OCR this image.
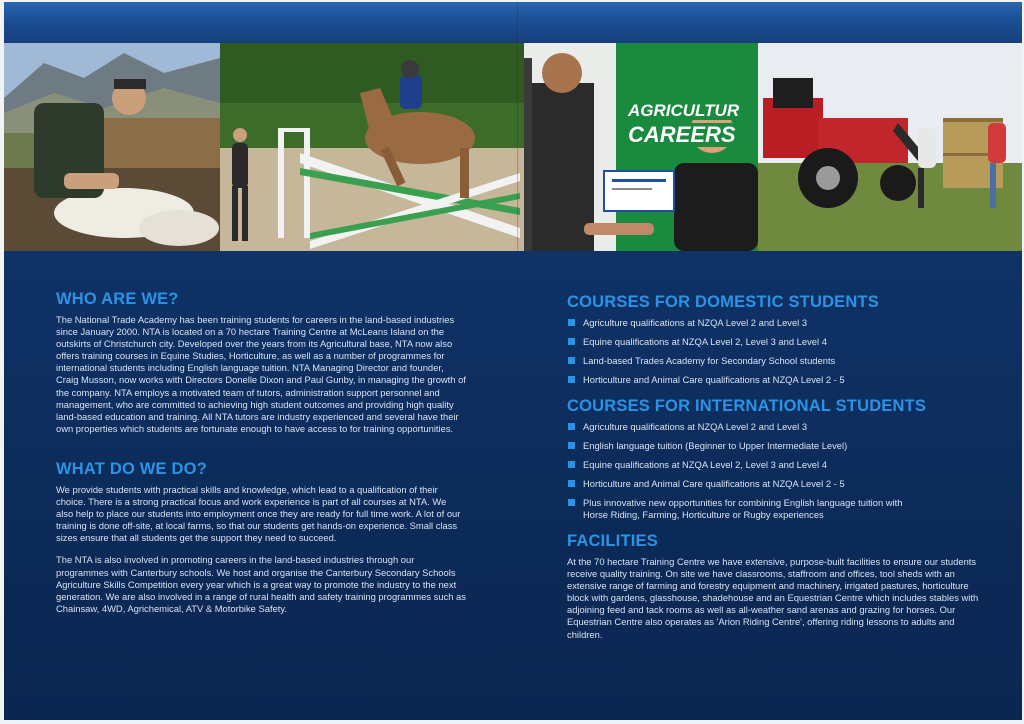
AGRICULTUR
CAREERS
WHO ARE WE?

The National Trade Academy has been training students for careers in the land-based industries since January 2000. NTA is located on a 70 hectare Training Centre at McLeans Island on the outskirts of Christchurch city. Developed over the years from its Agricultural base, NTA now also offers training courses in Equine Studies, Horticulture, as well as a number of programmes for international students including English language tuition. NTA Managing Director and founder, Craig Musson, now works with Directors Donelle Dixon and Paul Gunby, in managing the growth of the company. NTA employs a motivated team of tutors, administration support personnel and management, who are committed to achieving high student outcomes and providing high quality land-based education and training. All NTA tutors are industry experienced and several have their own properties which students are fortunate enough to have access to for training opportunities.

WHAT DO WE DO?

We provide students with practical skills and knowledge, which lead to a qualification of their choice. There is a strong practical focus and work experience is part of all courses at NTA. We also help to place our students into employment once they are ready for full time work. A lot of our training is done off-site, at local farms, so that our students get hands-on experience. Small class sizes ensure that all students get the support they need to succeed.

The NTA is also involved in promoting careers in the land-based industries through our programmes with Canterbury schools. We host and organise the Canterbury Secondary Schools Agriculture Skills Competition every year which is a great way to promote the industry to the next generation. We are also involved in a range of rural health and safety training programmes such as Chainsaw, 4WD, Agrichemical, ATV & Motorbike Safety.

COURSES FOR DOMESTIC STUDENTS
Agriculture qualifications at NZQA Level 2 and Level 3
Equine qualifications at NZQA Level 2, Level 3 and Level 4
Land-based Trades Academy for Secondary School students
Horticulture and Animal Care qualifications at NZQA Level 2 - 5
COURSES FOR INTERNATIONAL STUDENTS
Agriculture qualifications at NZQA Level 2 and Level 3
English language tuition (Beginner to Upper Intermediate Level)
Equine qualifications at NZQA Level 2, Level 3 and Level 4
Horticulture and Animal Care qualifications at NZQA Level 2 - 5
Plus innovative new opportunities for combining English language tuition with Horse Riding, Farming, Horticulture or Rugby experiences
FACILITIES

At the 70 hectare Training Centre we have extensive, purpose-built facilities to ensure our students receive quality training. On site we have classrooms, staffroom and offices, tool sheds with an extensive range of farming and forestry equipment and machinery, irrigated pastures, horticulture block with gardens, glasshouse, shadehouse and an Equestrian Centre which includes stables with adjoining feed and tack rooms as well as all-weather sand arenas and grazing for horses. Our Equestrian Centre also operates as 'Arion Riding Centre', offering riding lessons to adults and children.
